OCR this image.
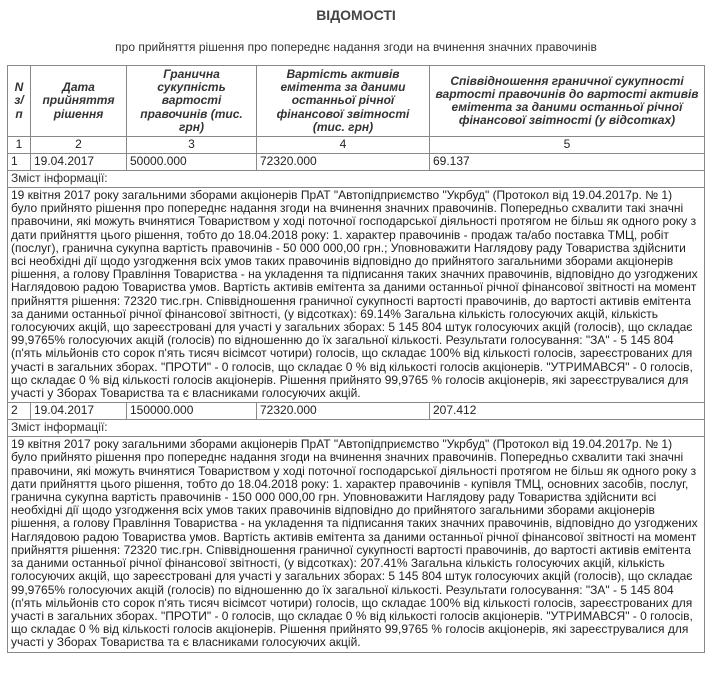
ВІДОМОСТІ
про прийняття рішення про попереднє надання згоди на вчинення значних правочинів
N з/п	Дата прийняття рішення	Гранична сукупність вартості правочинів (тис. грн)	Вартість активів емітента за даними останньої річної фінансової звітності (тис. грн)	Співвідношення граничної сукупності вартості правочинів до вартості активів емітента за даними останньої річної фінансової звітності (у відсотках)
1	2	3	4	5
1	19.04.2017	50000.000	72320.000	69.137
Зміст інформації:				
19 квітня 2017 року загальними зборами акціонерів ПрАТ "Автопідприємство "Укрбуд" (Протокол від 19.04.2017р. № 1) було прийнято рішення про попереднє надання згоди на вчинення значних правочинів. Попередньо схвалити такі значні правочини, які можуть вчинятися Товариством у ході поточної господарської діяльності протягом не більш як одного року з дати прийняття цього рішення, тобто до 18.04.2018 року: 1. характер правочинів - продаж та/або поставка ТМЦ, робіт (послуг), гранична сукупна вартість правочинів - 50 000 000,00 грн.; Уповноважити Наглядову раду Товариства здійснити всі необхідні дії щодо узгодження всіх умов таких правочинів відповідно до прийнятого загальними зборами акціонерів рішення, а голову Правління Товариства - на укладення та підписання таких значних правочинів, відповідно до узгоджених Наглядовою радою Товариства умов. Вартість активів емітента за даними останньої річної фінансової звітності на момент прийняття рішення: 72320 тис.грн. Співвідношення граничної сукупності вартості правочинів, до вартості активів емітента за даними останньої річної фінансової звітності, (у відсотках): 69.14% Загальна кількість голосуючих акцій, кількість голосуючих акцій, що зареєстровані для участі у загальних зборах: 5 145 804 штук голосуючих акцій (голосів), що складає 99,9765% голосуючих акцій (голосів) по відношенню до їх загальної кількості. Результати голосування: "ЗА" - 5 145 804 (п'ять мільйонів сто сорок п'ять тисяч вісімсот чотири) голосів, що складає 100% від кількості голосів, зареєстрованих для участі в загальних зборах. "ПРОТИ" - 0 голосів, що складає 0 % від кількості голосів акціонерів. "УТРИМАВСЯ" - 0 голосів, що складає 0 % від кількості голосів акціонерів. Рішення прийнято 99,9765 % голосів акціонерів, які зареєструвалися для участі у Зборах Товариства та є власниками голосуючих акцій.				
2	19.04.2017	150000.000	72320.000	207.412
Зміст інформації:				
19 квітня 2017 року загальними зборами акціонерів ПрАТ "Автопідприємство "Укрбуд" (Протокол від 19.04.2017р. № 1) було прийнято рішення про попереднє надання згоди на вчинення значних правочинів. Попередньо схвалити такі значні правочини, які можуть вчинятися Товариством у ході поточної господарської діяльності протягом не більш як одного року з дати прийняття цього рішення, тобто до 18.04.2018 року: 1. характер правочинів - купівля ТМЦ, основних засобів, послуг, гранична сукупна вартість правочинів - 150 000 000,00 грн. Уповноважити Наглядову раду Товариства здійснити всі необхідні дії щодо узгодження всіх умов таких правочинів відповідно до прийнятого загальними зборами акціонерів рішення, а голову Правління Товариства - на укладення та підписання таких значних правочинів, відповідно до узгоджених Наглядовою радою Товариства умов. Вартість активів емітента за даними останньої річної фінансової звітності на момент прийняття рішення: 72320 тис.грн. Співвідношення граничної сукупності вартості правочинів, до вартості активів емітента за даними останньої річної фінансової звітності, (у відсотках): 207.41% Загальна кількість голосуючих акцій, кількість голосуючих акцій, що зареєстровані для участі у загальних зборах: 5 145 804 штук голосуючих акцій (голосів), що складає 99,9765% голосуючих акцій (голосів) по відношенню до їх загальної кількості. Результати голосування: "ЗА" - 5 145 804 (п'ять мільйонів сто сорок п'ять тисяч вісімсот чотири) голосів, що складає 100% від кількості голосів, зареєстрованих для участі в загальних зборах. "ПРОТИ" - 0 голосів, що складає 0 % від кількості голосів акціонерів. "УТРИМАВСЯ" - 0 голосів, що складає 0 % від кількості голосів акціонерів. Рішення прийнято 99,9765 % голосів акціонерів, які зареєструвалися для участі у Зборах Товариства та є власниками голосуючих акцій.				
